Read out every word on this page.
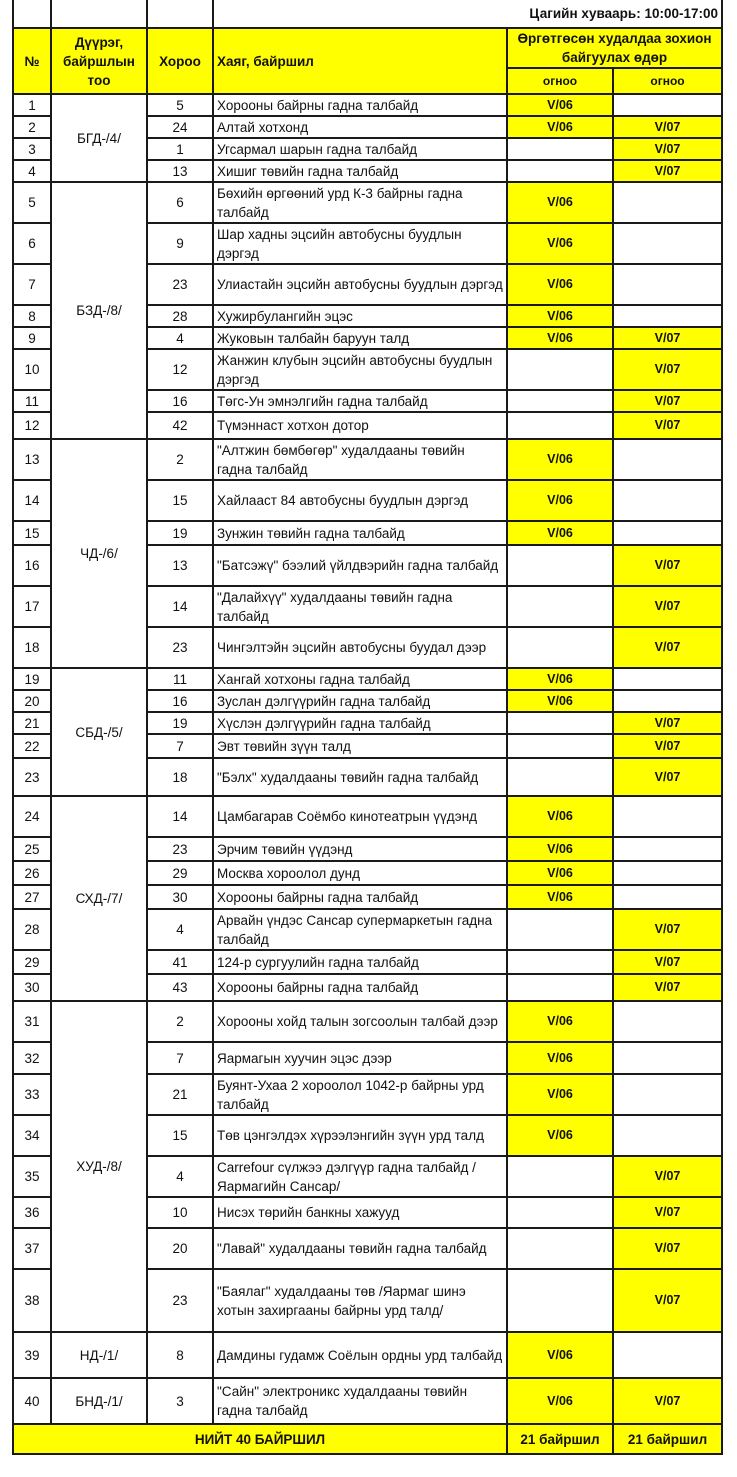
			Цагийн хуваарь: 10:00-17:00		
№	Дүүрэг, байршлын тоо	Хороо	Хаяг, байршил	Өргөтгөсөн худалдаа зохион байгуулах өдөр	
				огноо	огноо
1	БГД-/4/	5	Хорооны байрны гадна талбайд	V/06	
2		24	Алтай хотхонд	V/06	V/07
3		1	Угсармал шарын гадна талбайд		V/07
4		13	Хишиг төвийн гадна талбайд		V/07
5	БЗД-/8/	6	Бөхийн өргөөний урд К-3 байрны гадна талбайд	V/06	
6		9	Шар хадны эцсийн автобусны буудлын дэргэд	V/06	
7		23	Улиастайн эцсийн автобусны буудлын дэргэд	V/06	
8		28	Хужирбулангийн эцэс	V/06	
9		4	Жуковын талбайн баруун талд	V/06	V/07
10		12	Жанжин клубын эцсийн автобусны буудлын дэргэд		V/07
11		16	Төгс-Ун эмнэлгийн гадна талбайд		V/07
12		42	Түмэннаст хотхон дотор		V/07
13	ЧД-/6/	2	"Алтжин бөмбөгөр" худалдааны төвийн гадна талбайд	V/06	
14		15	Хайлааст 84 автобусны буудлын дэргэд	V/06	
15		19	Зунжин төвийн гадна талбайд	V/06	
16		13	"Батсэжү" бээлий үйлдвэрийн гадна талбайд		V/07
17		14	"Далайхүү" худалдааны төвийн гадна талбайд		V/07
18		23	Чингэлтэйн эцсийн автобусны буудал дээр		V/07
19	СБД-/5/	11	Хангай хотхоны гадна талбайд	V/06	
20		16	Зуслан дэлгүүрийн гадна талбайд	V/06	
21		19	Хүслэн дэлгүүрийн гадна талбайд		V/07
22		7	Эвт төвийн зүүн талд		V/07
23		18	"Бэлх" худалдааны төвийн гадна талбайд		V/07
24	СХД-/7/	14	Цамбагарав Соёмбо кинотеатрын үүдэнд	V/06	
25		23	Эрчим төвийн үүдэнд	V/06	
26		29	Москва хороолол дунд	V/06	
27		30	Хорооны байрны гадна талбайд	V/06	
28		4	Арвайн үндэс Сансар супермаркетын гадна талбайд		V/07
29		41	124-р сургуулийн гадна талбайд		V/07
30		43	Хорооны байрны гадна талбайд		V/07
31	ХУД-/8/	2	Хорооны хойд талын зогсоолын талбай дээр	V/06	
32		7	Яармагын хуучин эцэс дээр	V/06	
33		21	Буянт-Ухаа 2 хороолол 1042-р байрны урд талбайд	V/06	
34		15	Төв цэнгэлдэх хүрээлэнгийн зүүн урд талд	V/06	
35		4	Carrefour сүлжээ дэлгүүр гадна талбайд / Яармагийн Сансар/		V/07
36		10	Нисэх төрийн банкны хажууд		V/07
37		20	"Лавай" худалдааны төвийн гадна талбайд		V/07
38		23	"Баялаг" худалдааны төв /Яармаг шинэ хотын захиргааны байрны урд талд/		V/07
39	НД-/1/	8	Дамдины гудамж Соёлын ордны урд талбайд	V/06	
40	БНД-/1/	3	"Сайн" электроникс худалдааны төвийн гадна талбайд	V/06	V/07
НИЙТ 40 БАЙРШИЛ				21 байршил	21 байршил
